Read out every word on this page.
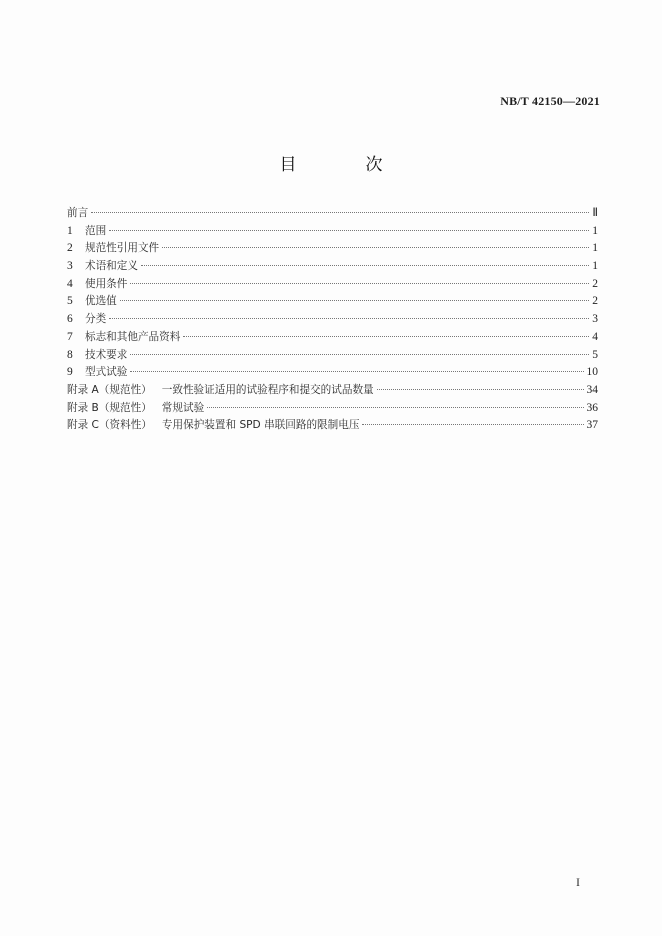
NB/T 42150—2021
目　次
前言	Ⅱ
1	范围	1
2	规范性引用文件	1
3	术语和定义	1
4	使用条件	2
5	优选值	2
6	分类	3
7	标志和其他产品资料	4
8	技术要求	5
9	型式试验	10
附录 A（规范性） 一致性验证适用的试验程序和提交的试品数量	34
附录 B（规范性） 常规试验	36
附录 C（资料性） 专用保护装置和 SPD 串联回路的限制电压	37
I
